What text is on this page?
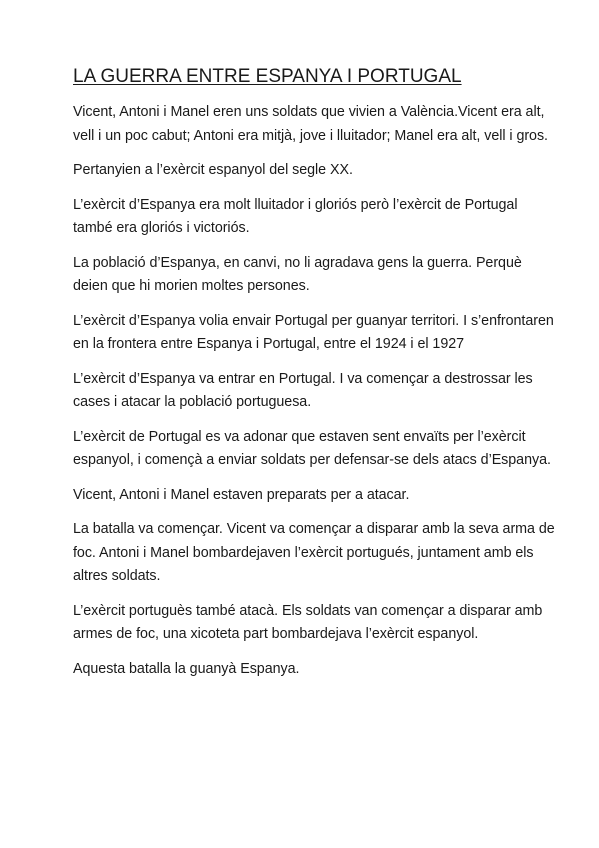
LA GUERRA ENTRE ESPANYA I PORTUGAL

Vicent, Antoni i Manel eren uns soldats que vivien a València.Vicent era alt, vell i un poc cabut; Antoni era mitjà, jove i lluitador; Manel era alt, vell i gros.

Pertanyien a l’exèrcit espanyol del segle XX.

L’exèrcit d’Espanya era molt lluitador i gloriós però l’exèrcit de Portugal també era gloriós i victoriós.

La població d’Espanya, en canvi, no li agradava gens la guerra. Perquè deien que hi morien moltes persones.

L’exèrcit d’Espanya volia envair Portugal per guanyar territori. I s’enfrontaren en la frontera entre Espanya i Portugal, entre el 1924 i el 1927

L’exèrcit d’Espanya va entrar en Portugal. I va començar a destrossar les cases i atacar la població portuguesa.

L’exèrcit de Portugal es va adonar que estaven sent envaïts per l’exèrcit espanyol, i començà a enviar soldats per defensar-se dels atacs d’Espanya.

Vicent, Antoni i Manel estaven preparats per a atacar.

La batalla va començar. Vicent va començar a disparar amb la seva arma de foc. Antoni i Manel bombardejaven l’exèrcit portugués, juntament amb els altres soldats.

L’exèrcit portuguès també atacà. Els soldats van començar a disparar amb armes de foc, una xicoteta part bombardejava l’exèrcit espanyol.

Aquesta batalla la guanyà Espanya.
